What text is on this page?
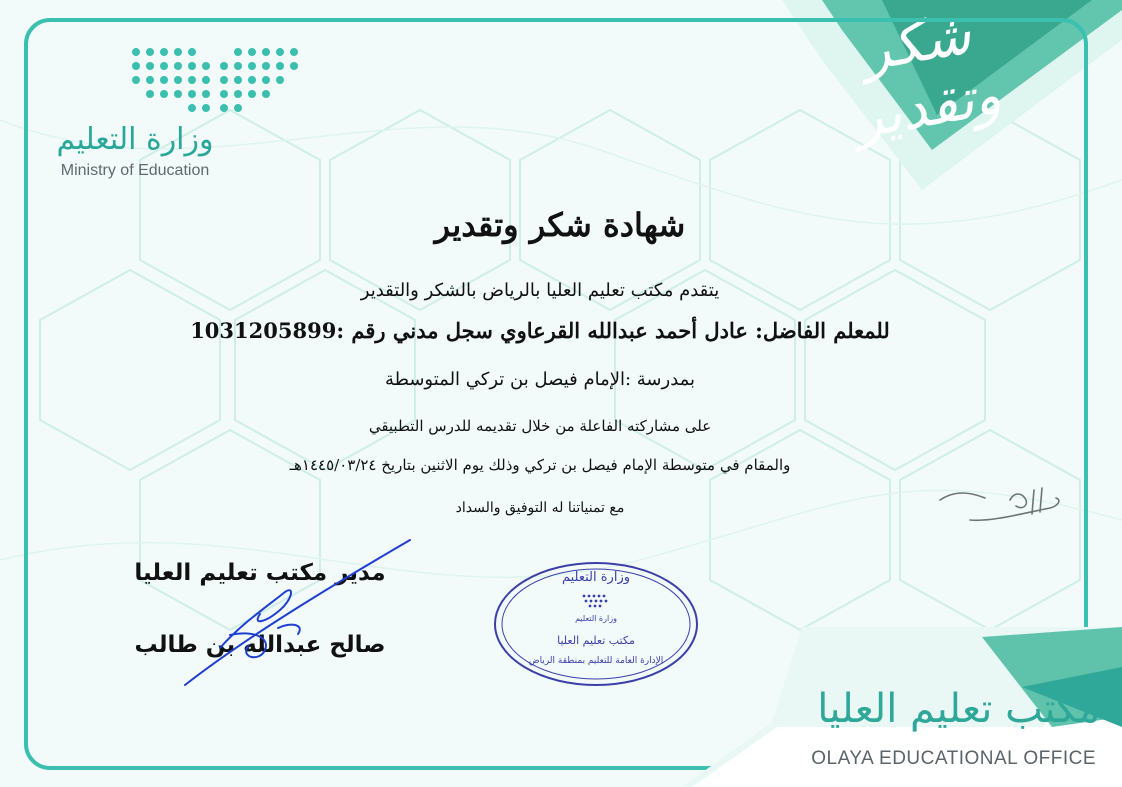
شكر وتقدير
وزارة التعليم
Ministry of Education
شهادة شكر وتقدير
يتقدم مكتب تعليم العليا بالرياض بالشكر والتقدير
للمعلم الفاضل: عادل أحمد عبدالله القرعاوي سجل مدني رقم :1031205899
بمدرسة :الإمام فيصل بن تركي المتوسطة
على مشاركته الفاعلة من خلال تقديمه للدرس التطبيقي
والمقام في متوسطة الإمام فيصل بن تركي وذلك يوم الاثنين بتاريخ ١٤٤٥/٠٣/٢٤هـ
مع تمنياتنا له التوفيق والسداد
مدير مكتب تعليم العليا
صالح عبدالله بن طالب
وزارة التعليم
وزارة التعليم
مكتب تعليم العليا
الإدارة العامة للتعليم بمنطقة الرياض
مكتب تعليم العليا
OLAYA EDUCATIONAL OFFICE
